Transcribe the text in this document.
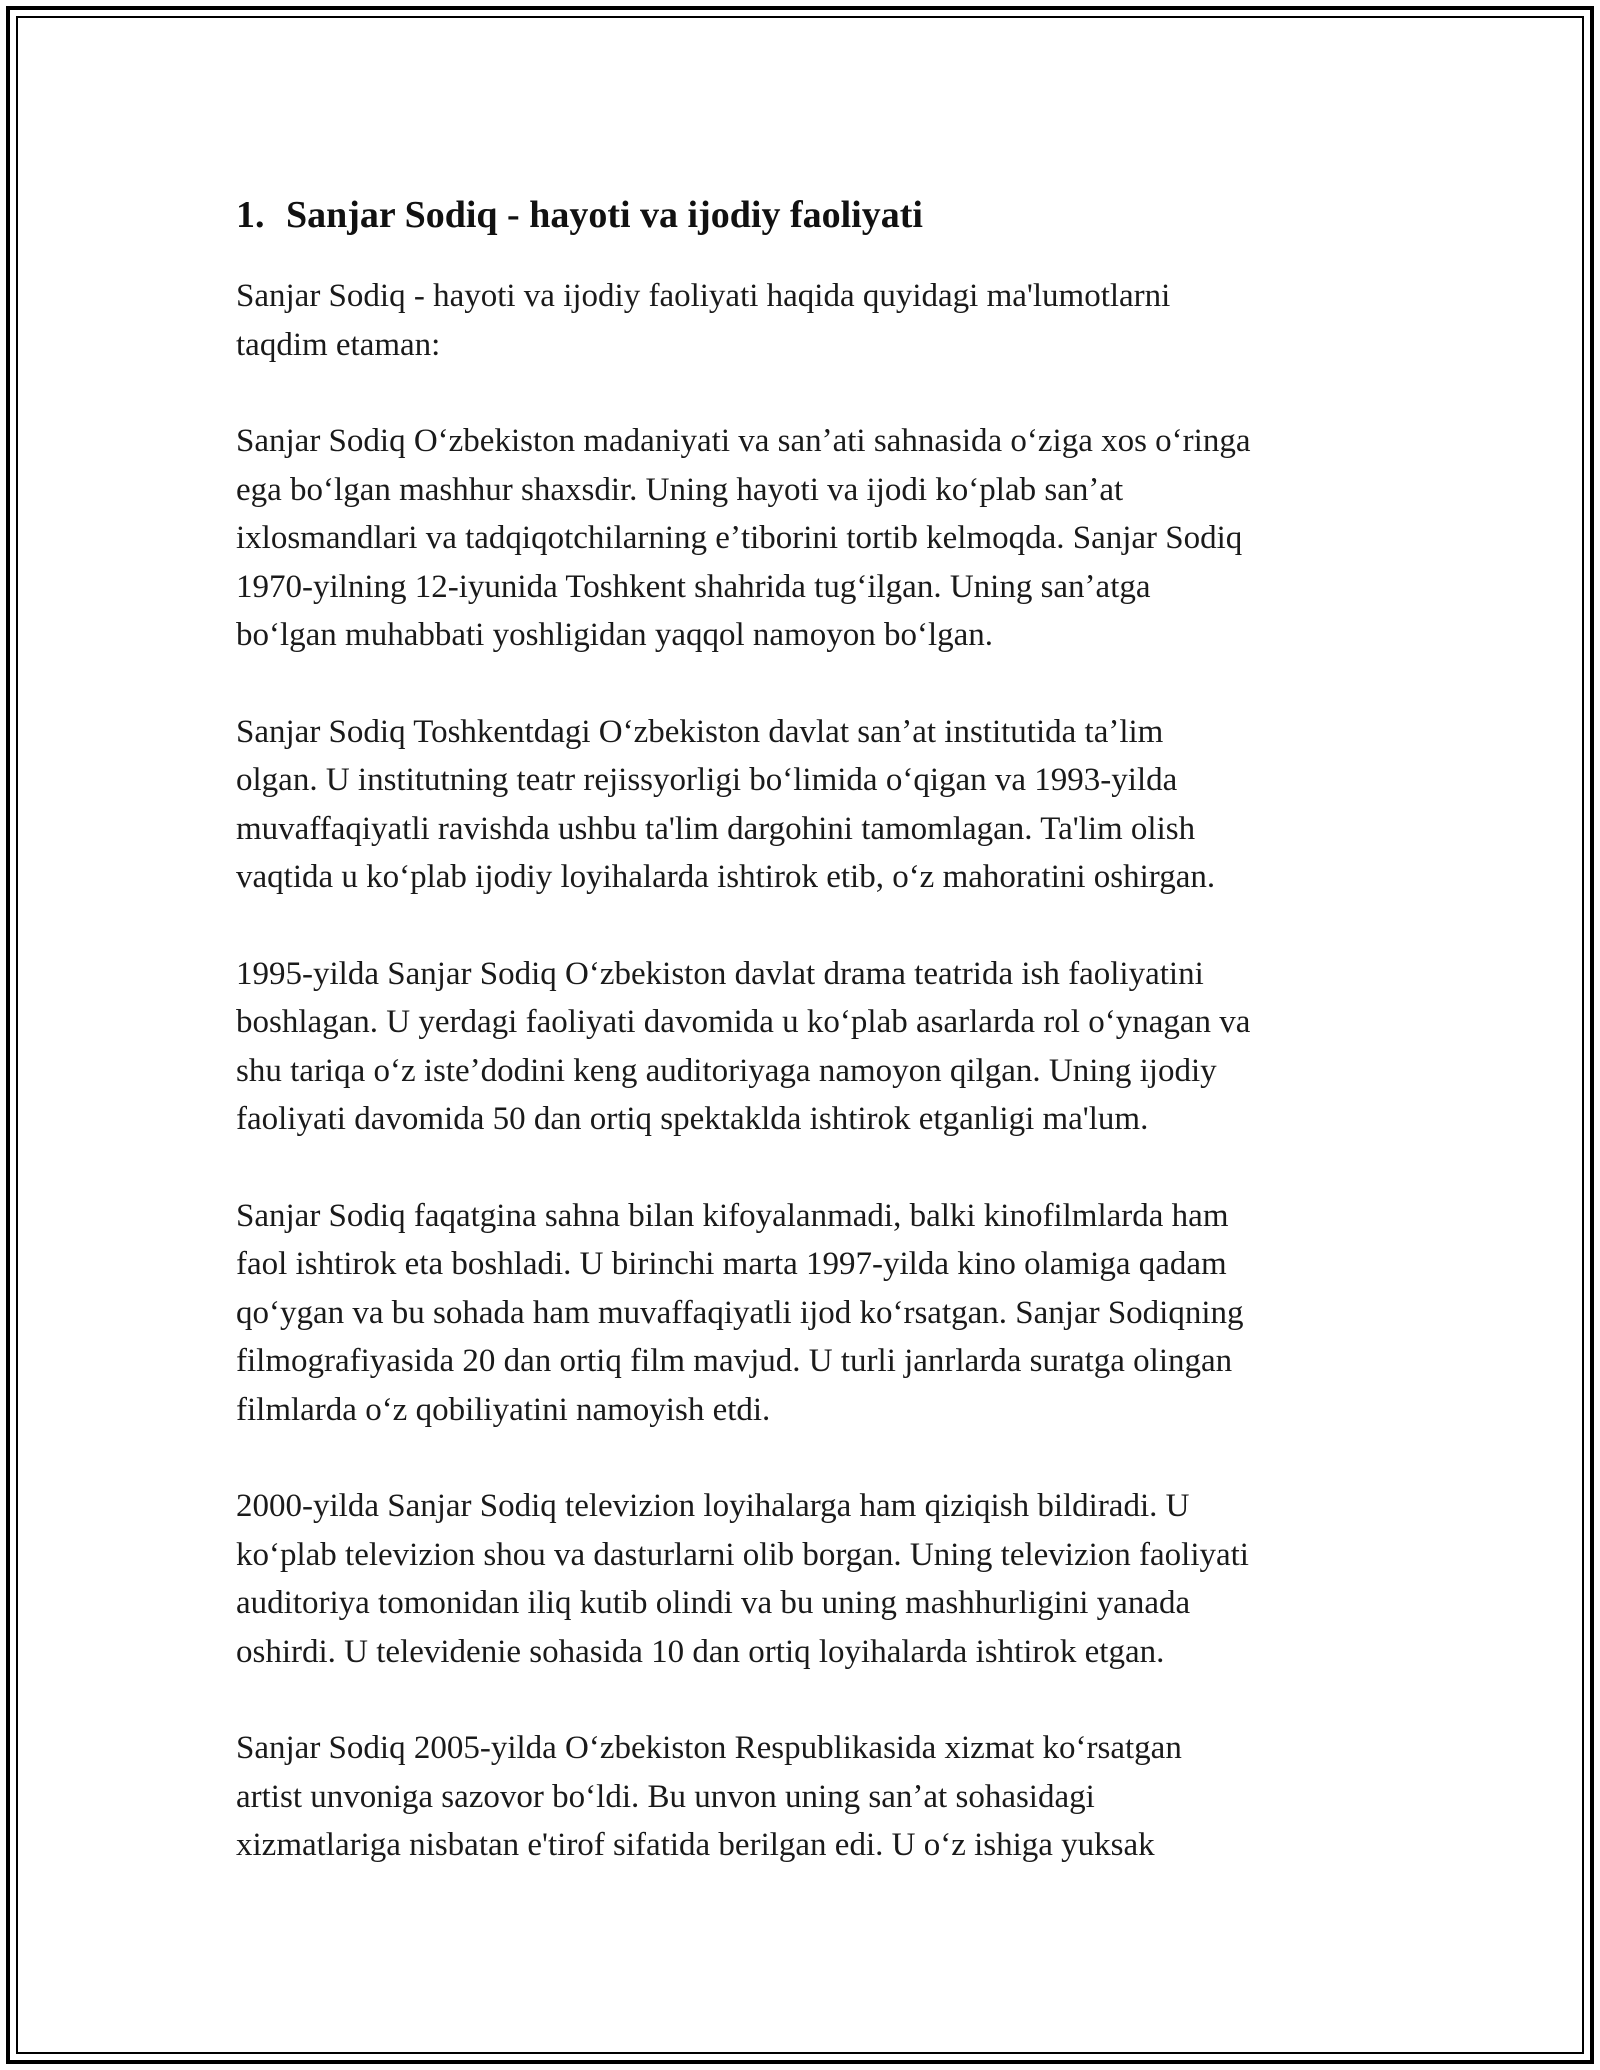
1. Sanjar Sodiq - hayoti va ijodiy faoliyati

Sanjar Sodiq - hayoti va ijodiy faoliyati haqida quyidagi ma'lumotlarni
taqdim etaman:

Sanjar Sodiq Oʻzbekiston madaniyati va sanʼati sahnasida oʻziga xos oʻringa
ega boʻlgan mashhur shaxsdir. Uning hayoti va ijodi koʻplab sanʼat
ixlosmandlari va tadqiqotchilarning eʼtiborini tortib kelmoqda. Sanjar Sodiq
1970-yilning 12-iyunida Toshkent shahrida tugʻilgan. Uning sanʼatga
boʻlgan muhabbati yoshligidan yaqqol namoyon boʻlgan.

Sanjar Sodiq Toshkentdagi Oʻzbekiston davlat sanʼat institutida taʼlim
olgan. U institutning teatr rejissyorligi boʻlimida oʻqigan va 1993-yilda
muvaffaqiyatli ravishda ushbu ta'lim dargohini tamomlagan. Ta'lim olish
vaqtida u koʻplab ijodiy loyihalarda ishtirok etib, oʻz mahoratini oshirgan.

1995-yilda Sanjar Sodiq Oʻzbekiston davlat drama teatrida ish faoliyatini
boshlagan. U yerdagi faoliyati davomida u koʻplab asarlarda rol oʻynagan va
shu tariqa oʻz isteʼdodini keng auditoriyaga namoyon qilgan. Uning ijodiy
faoliyati davomida 50 dan ortiq spektaklda ishtirok etganligi ma'lum.

Sanjar Sodiq faqatgina sahna bilan kifoyalanmadi, balki kinofilmlarda ham
faol ishtirok eta boshladi. U birinchi marta 1997-yilda kino olamiga qadam
qoʻygan va bu sohada ham muvaffaqiyatli ijod koʻrsatgan. Sanjar Sodiqning
filmografiyasida 20 dan ortiq film mavjud. U turli janrlarda suratga olingan
filmlarda oʻz qobiliyatini namoyish etdi.

2000-yilda Sanjar Sodiq televizion loyihalarga ham qiziqish bildiradi. U
koʻplab televizion shou va dasturlarni olib borgan. Uning televizion faoliyati
auditoriya tomonidan iliq kutib olindi va bu uning mashhurligini yanada
oshirdi. U televidenie sohasida 10 dan ortiq loyihalarda ishtirok etgan.

Sanjar Sodiq 2005-yilda Oʻzbekiston Respublikasida xizmat koʻrsatgan
artist unvoniga sazovor boʻldi. Bu unvon uning sanʼat sohasidagi
xizmatlariga nisbatan e'tirof sifatida berilgan edi. U oʻz ishiga yuksak
